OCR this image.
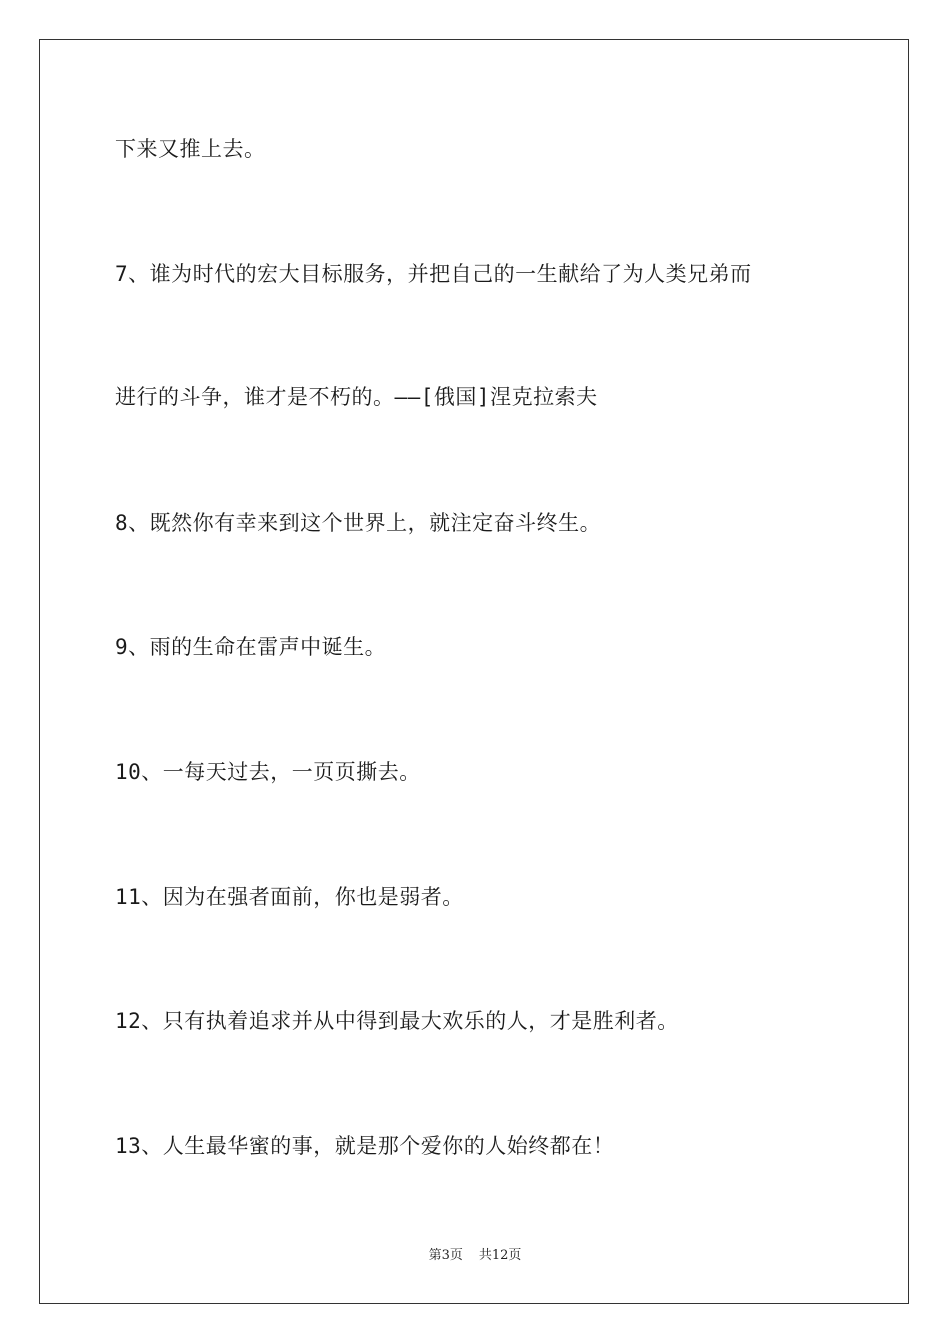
下来又推上去。
7、谁为时代的宏大目标服务，并把自己的一生献给了为人类兄弟而
进行的斗争，谁才是不朽的。——[俄国]涅克拉索夫
8、既然你有幸来到这个世界上，就注定奋斗终生。
9、雨的生命在雷声中诞生。
10、一每天过去，一页页撕去。
11、因为在强者面前，你也是弱者。
12、只有执着追求并从中得到最大欢乐的人，才是胜利者。
13、人生最华蜜的事，就是那个爱你的人始终都在！
第3页 共12页
